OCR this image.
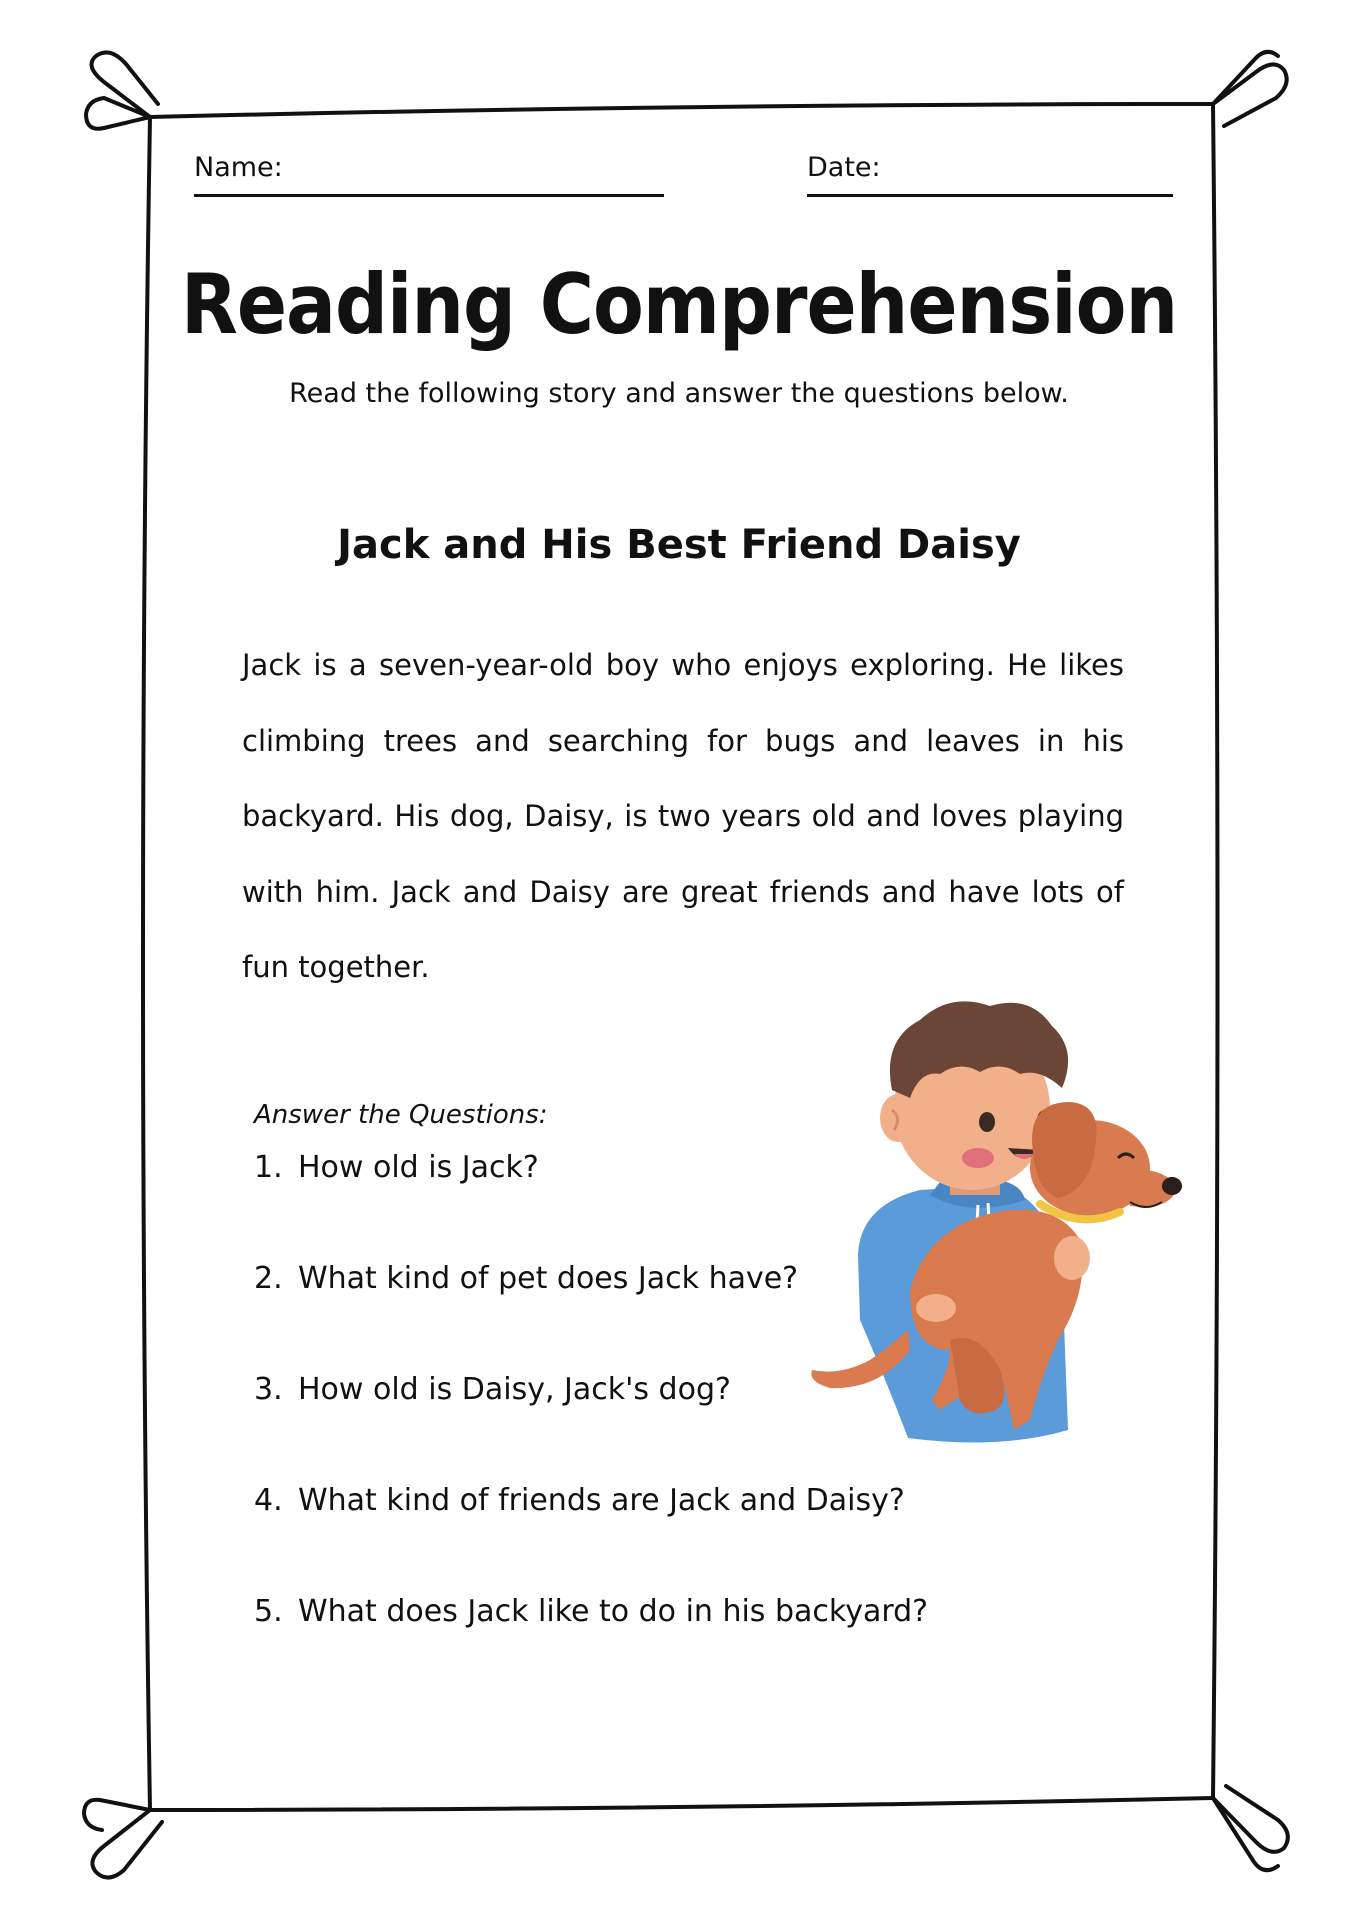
Name:	Date:
Reading Comprehension
Read the following story and answer the questions below.
Jack and His Best Friend Daisy
Jack is a seven-year-old boy who enjoys exploring. He likes climbing trees and searching for bugs and leaves in his backyard. His dog, Daisy, is two years old and loves playing with him. Jack and Daisy are great friends and have lots of fun together.
Answer the Questions:
1. How old is Jack?
2. What kind of pet does Jack have?
3. How old is Daisy, Jack's dog?
4. What kind of friends are Jack and Daisy?
5. What does Jack like to do in his backyard?
